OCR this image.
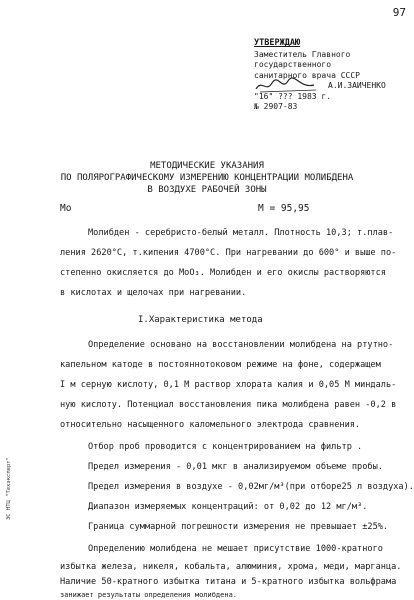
97
УТВЕРЖДАЮ
Заместитель Главного
государственного
санитарного врача СССР
А.И.ЗАИЧЕНКО
"16" ??? 1983 г.
№ 2907-83
МЕТОДИЧЕСКИЕ УКАЗАНИЯ
ПО ПОЛЯРОГРАФИЧЕСКОМУ ИЗМЕРЕНИЮ КОНЦЕНТРАЦИИ МОЛИБДЕНА
В ВОЗДУХЕ РАБОЧЕЙ ЗОНЫ
Мо	М = 95,95
Молибден - серебристо-белый металл. Плотность 10,3; т.плав-
ления 2620°С, т.кипения 4700°С. При нагревании до 600° и выше по-
степенно окисляется до МоО₃. Молибден и его окислы растворяются
в кислотах и щелочах при нагревании.
I.Характеристика метода
Определение основано на восстановлении молибдена на ртутно-
капельном катоде в постояннотоковом режиме на фоне, содержащем
I м серную кислоту, 0,1 М раствор хлората калия и 0,05 М миндаль-
ную кислоту. Потенциал восстановления пика молибдена равен -0,2 в
относительно насыщенного каломельного электрода сравнения.
Отбор проб проводится с концентрированием на фильтр .
Предел измерения - 0,01 мкг в анализируемом объеме пробы.
Предел измерения в воздухе - 0,02мг/м³(при отборе25 л воздуха).
Диапазон измеряемых концентраций: от 0,02 до 12 мг/м³.
Граница суммарной погрешности измерения не превышает ±25%.
Определению молибдена не мешает присутствие 1000-кратного
избытка железа, никеля, кобальта, алюминия, хрома, меди, марганца.
Наличие 50-кратного избытка титана и 5-кратного избытка вольфрама
занижает результаты определения молибдена.
ЗС НТЦ "Техэксперт"
